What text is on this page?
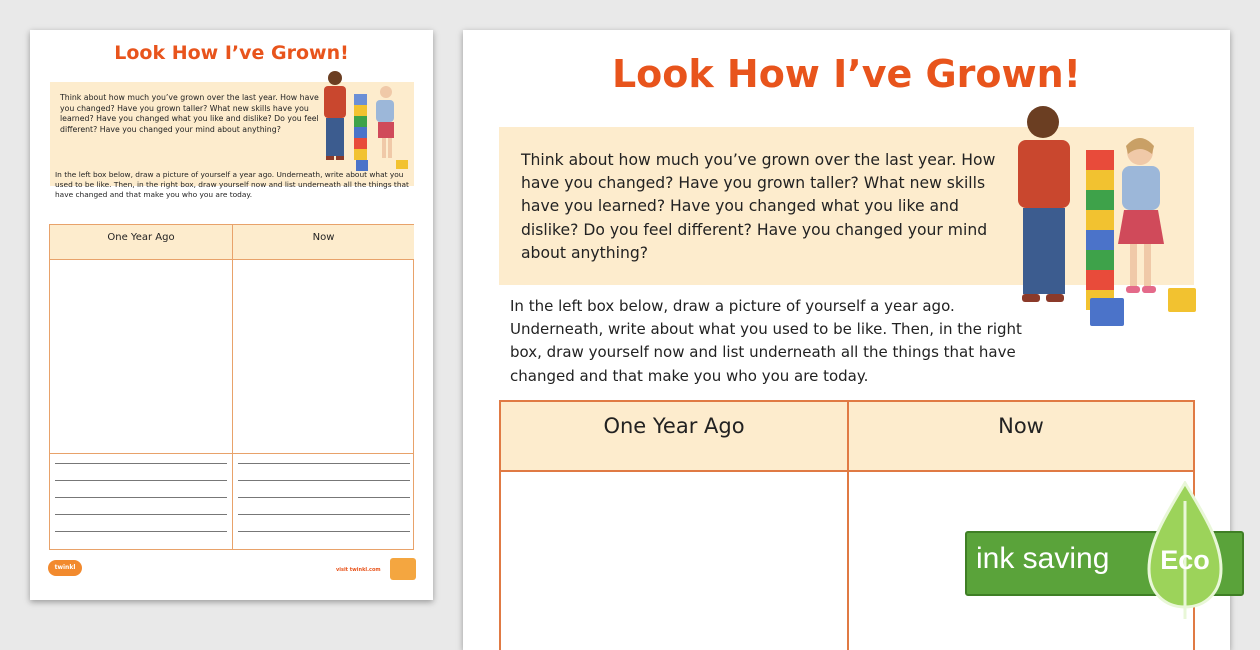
Look How I’ve Grown!

Think about how much you’ve grown over the last year. How have you changed? Have you grown taller? What new skills have you learned? Have you changed what you like and dislike? Do you feel different? Have you changed your mind about anything?

In the left box below, draw a picture of yourself a year ago. Underneath, write about what you used to be like. Then, in the right box, draw yourself now and list underneath all the things that have changed and that make you who you are today.

One Year Ago	Now
twinkl	visit twinkl.com
Look How I’ve Grown!

Think about how much you’ve grown over the last year. How have you changed? Have you grown taller? What new skills have you learned? Have you changed what you like and dislike? Do you feel different? Have you changed your mind about anything?

In the left box below, draw a picture of yourself a year ago. Underneath, write about what you used to be like. Then, in the right box, draw yourself now and list underneath all the things that have changed and that make you who you are today.

One Year Ago	Now
ink saving Eco
